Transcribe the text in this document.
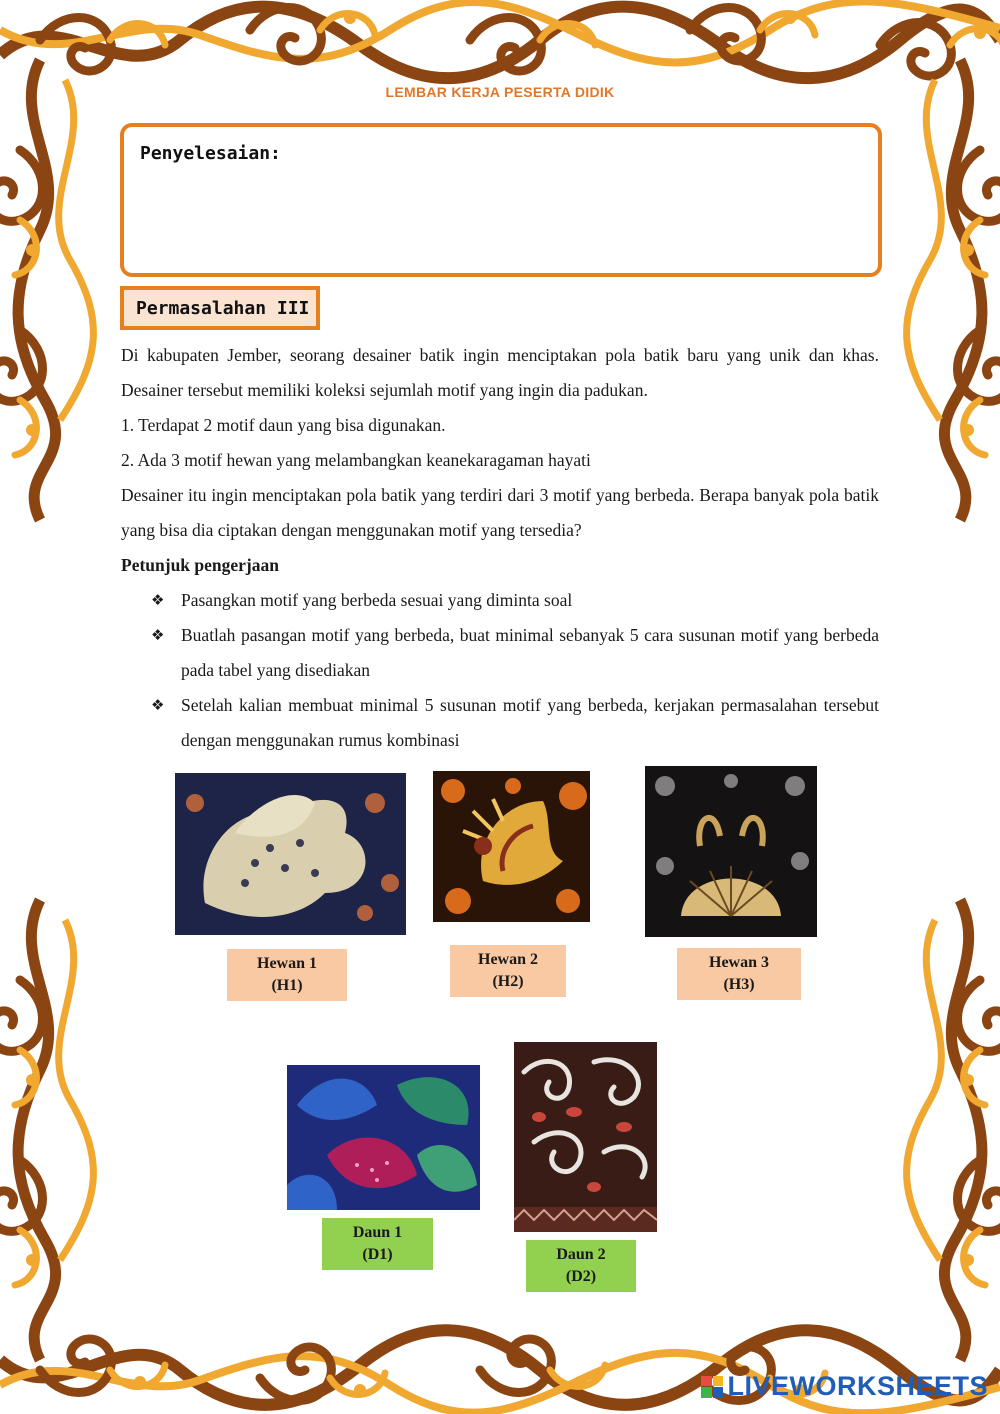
LEMBAR KERJA PESERTA DIDIK
Penyelesaian:
Permasalahan III

Di kabupaten Jember, seorang desainer batik ingin menciptakan pola batik baru yang unik dan khas. Desainer tersebut memiliki koleksi sejumlah motif yang ingin dia padukan.

1. Terdapat 2 motif daun yang bisa digunakan.

2. Ada 3 motif hewan yang melambangkan keanekaragaman hayati

Desainer itu ingin menciptakan pola batik yang terdiri dari 3 motif yang berbeda. Berapa banyak pola batik yang bisa dia ciptakan dengan menggunakan motif yang tersedia?

Petunjuk pengerjaan

❖ Pasangkan motif yang berbeda sesuai yang diminta soal
❖ Buatlah pasangan motif yang berbeda, buat minimal sebanyak 5 cara susunan motif yang berbeda pada tabel yang disediakan
❖ Setelah kalian membuat minimal 5 susunan motif yang berbeda, kerjakan permasalahan tersebut dengan menggunakan rumus kombinasi
Hewan 1
(H1)
Hewan 2
(H2)
Hewan 3
(H3)
Daun 1
(D1)	Daun 2
(D2)
LIVEWORKSHEETS
